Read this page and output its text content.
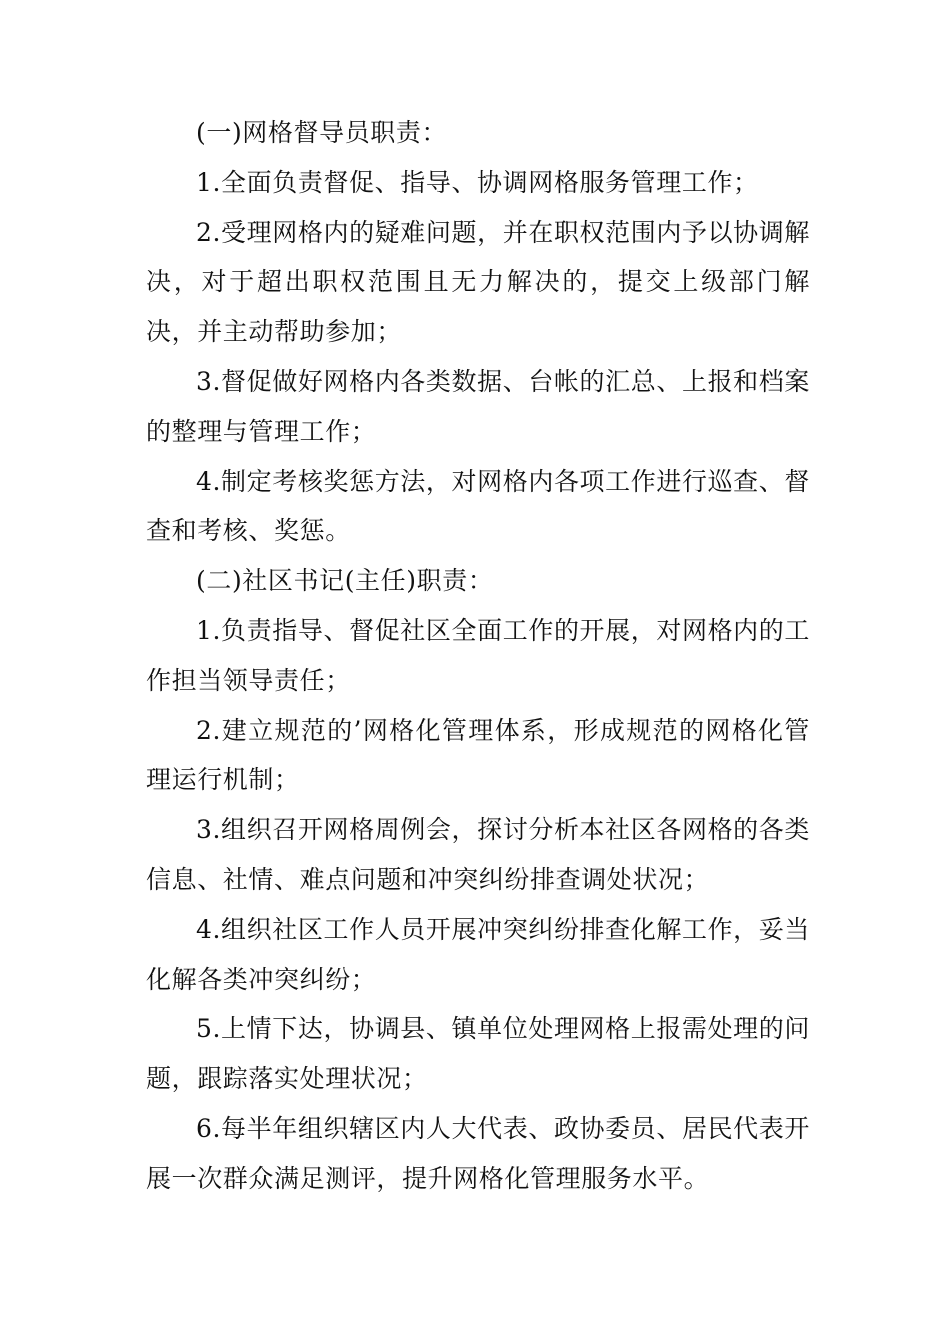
(一)网格督导员职责：

1.全面负责督促、指导、协调网格服务管理工作；

2.受理网格内的疑难问题，并在职权范围内予以协调解决，对于超出职权范围且无力解决的，提交上级部门解决，并主动帮助参加；

3.督促做好网格内各类数据、台帐的汇总、上报和档案的整理与管理工作；

4.制定考核奖惩方法，对网格内各项工作进行巡查、督查和考核、奖惩。

(二)社区书记(主任)职责：

1.负责指导、督促社区全面工作的开展，对网格内的工作担当领导责任；

2.建立规范的’网格化管理体系，形成规范的网格化管理运行机制；

3.组织召开网格周例会，探讨分析本社区各网格的各类信息、社情、难点问题和冲突纠纷排查调处状况；

4.组织社区工作人员开展冲突纠纷排查化解工作，妥当化解各类冲突纠纷；

5.上情下达，协调县、镇单位处理网格上报需处理的问题，跟踪落实处理状况；

6.每半年组织辖区内人大代表、政协委员、居民代表开展一次群众满足测评，提升网格化管理服务水平。
